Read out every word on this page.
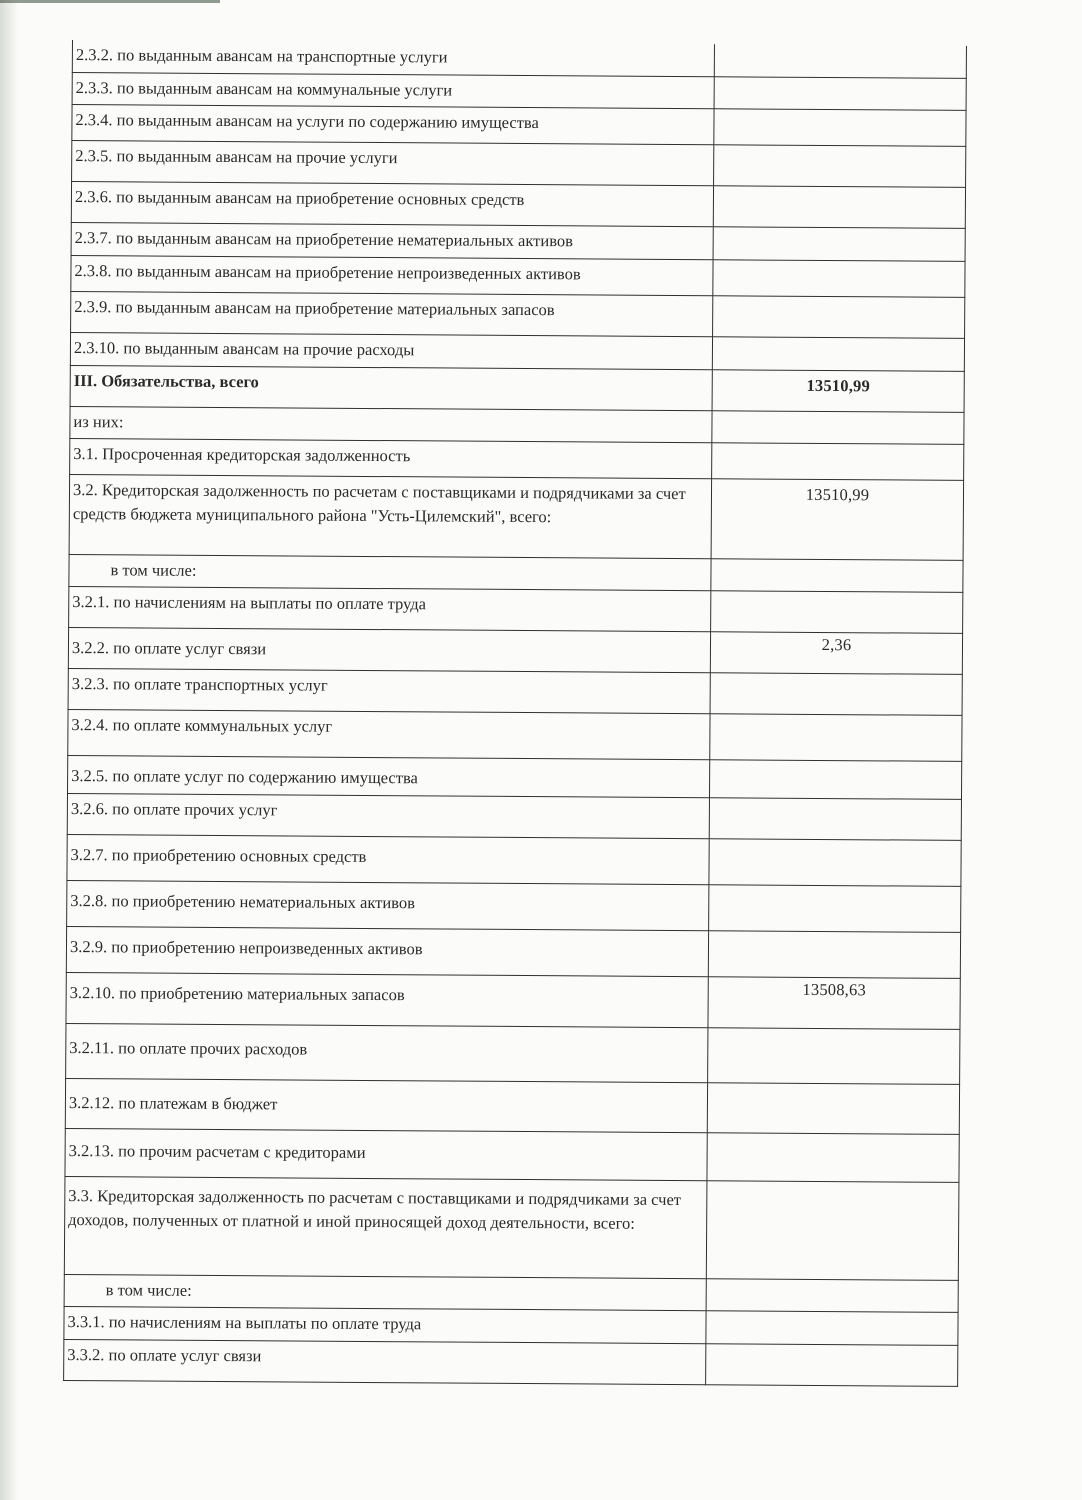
2.3.2. по выданным авансам на транспортные услуги	
2.3.3. по выданным авансам на коммунальные услуги	
2.3.4. по выданным авансам на услуги по содержанию имущества	
2.3.5. по выданным авансам на прочие услуги	
2.3.6. по выданным авансам на приобретение основных средств	
2.3.7. по выданным авансам на приобретение нематериальных активов	
2.3.8. по выданным авансам на приобретение непроизведенных активов	
2.3.9. по выданным авансам на приобретение материальных запасов	
2.3.10. по выданным авансам на прочие расходы	
III. Обязательства, всего	13510,99
из них:	
3.1. Просроченная кредиторская задолженность	
3.2. Кредиторская задолженность по расчетам с поставщиками и подрядчиками за счет средств бюджета муниципального района "Усть-Цилемский", всего:	13510,99
в том числе:	
3.2.1. по начислениям на выплаты по оплате труда	
3.2.2. по оплате услуг связи	2,36
3.2.3. по оплате транспортных услуг	
3.2.4. по оплате коммунальных услуг	
3.2.5. по оплате услуг по содержанию имущества	
3.2.6. по оплате прочих услуг	
3.2.7. по приобретению основных средств	
3.2.8. по приобретению нематериальных активов	
3.2.9. по приобретению непроизведенных активов	
3.2.10. по приобретению материальных запасов	13508,63
3.2.11. по оплате прочих расходов	
3.2.12. по платежам в бюджет	
3.2.13. по прочим расчетам с кредиторами	
3.3. Кредиторская задолженность по расчетам с поставщиками и подрядчиками за счет доходов, полученных от платной и иной приносящей доход деятельности, всего:	
в том числе:	
3.3.1. по начислениям на выплаты по оплате труда	
3.3.2. по оплате услуг связи	
